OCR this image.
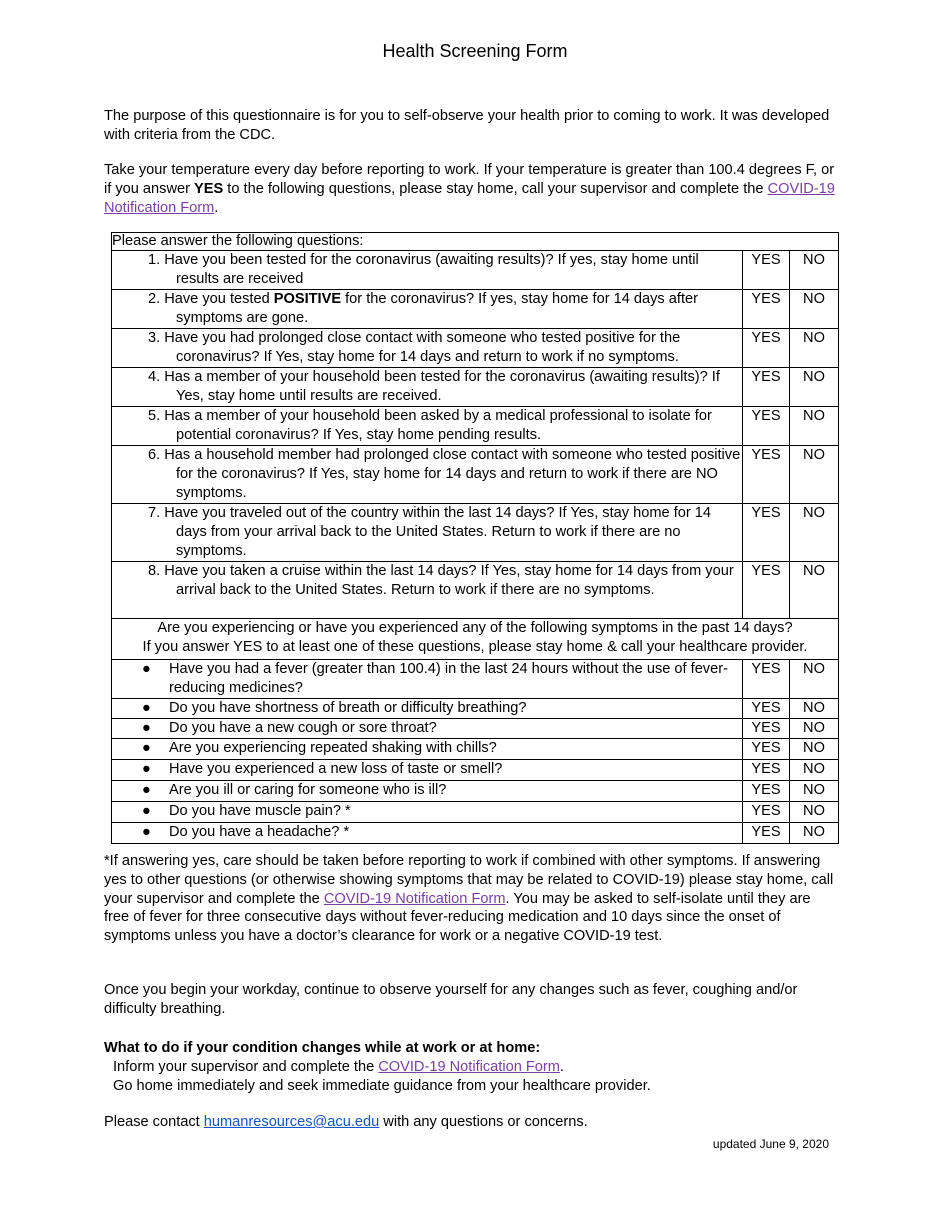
Health Screening Form

The purpose of this questionnaire is for you to self-observe your health prior to coming to work. It was developed with criteria from the CDC.

Take your temperature every day before reporting to work. If your temperature is greater than 100.4 degrees F, or if you answer YES to the following questions, please stay home, call your supervisor and complete the COVID-19 Notification Form.

Please answer the following questions:		

1. Have you been tested for the coronavirus (awaiting results)? If yes, stay home until results are received	YES	NO

2. Have you tested POSITIVE for the coronavirus? If yes, stay home for 14 days after symptoms are gone.	YES	NO

3. Have you had prolonged close contact with someone who tested positive for the coronavirus? If Yes, stay home for 14 days and return to work if no symptoms.	YES	NO

4. Has a member of your household been tested for the coronavirus (awaiting results)? If Yes, stay home until results are received.	YES	NO

5. Has a member of your household been asked by a medical professional to isolate for potential coronavirus? If Yes, stay home pending results.	YES	NO

6. Has a household member had prolonged close contact with someone who tested positive for the coronavirus? If Yes, stay home for 14 days and return to work if there are NO symptoms.	YES	NO

7. Have you traveled out of the country within the last 14 days? If Yes, stay home for 14 days from your arrival back to the United States. Return to work if there are no symptoms.	YES	NO

8. Have you taken a cruise within the last 14 days? If Yes, stay home for 14 days from your arrival back to the United States. Return to work if there are no symptoms.	YES	NO

Are you experiencing or have you experienced any of the following symptoms in the past 14 days?
If you answer YES to at least one of these questions, please stay home & call your healthcare provider.		

● Have you had a fever (greater than 100.4) in the last 24 hours without the use of fever-reducing medicines?	YES	NO

● Do you have shortness of breath or difficulty breathing?	YES	NO

● Do you have a new cough or sore throat?	YES	NO

● Are you experiencing repeated shaking with chills?	YES	NO

● Have you experienced a new loss of taste or smell?	YES	NO

● Are you ill or caring for someone who is ill?	YES	NO

● Do you have muscle pain? *	YES	NO

● Do you have a headache? *	YES	NO

*If answering yes, care should be taken before reporting to work if combined with other symptoms. If answering yes to other questions (or otherwise showing symptoms that may be related to COVID-19) please stay home, call your supervisor and complete the COVID-19 Notification Form. You may be asked to self-isolate until they are free of fever for three consecutive days without fever-reducing medication and 10 days since the onset of symptoms unless you have a doctor’s clearance for work or a negative COVID-19 test.

Once you begin your workday, continue to observe yourself for any changes such as fever, coughing and/or difficulty breathing.

What to do if your condition changes while at work or at home:
Inform your supervisor and complete the COVID-19 Notification Form.
Go home immediately and seek immediate guidance from your healthcare provider.

Please contact humanresources@acu.edu with any questions or concerns.

updated June 9, 2020
